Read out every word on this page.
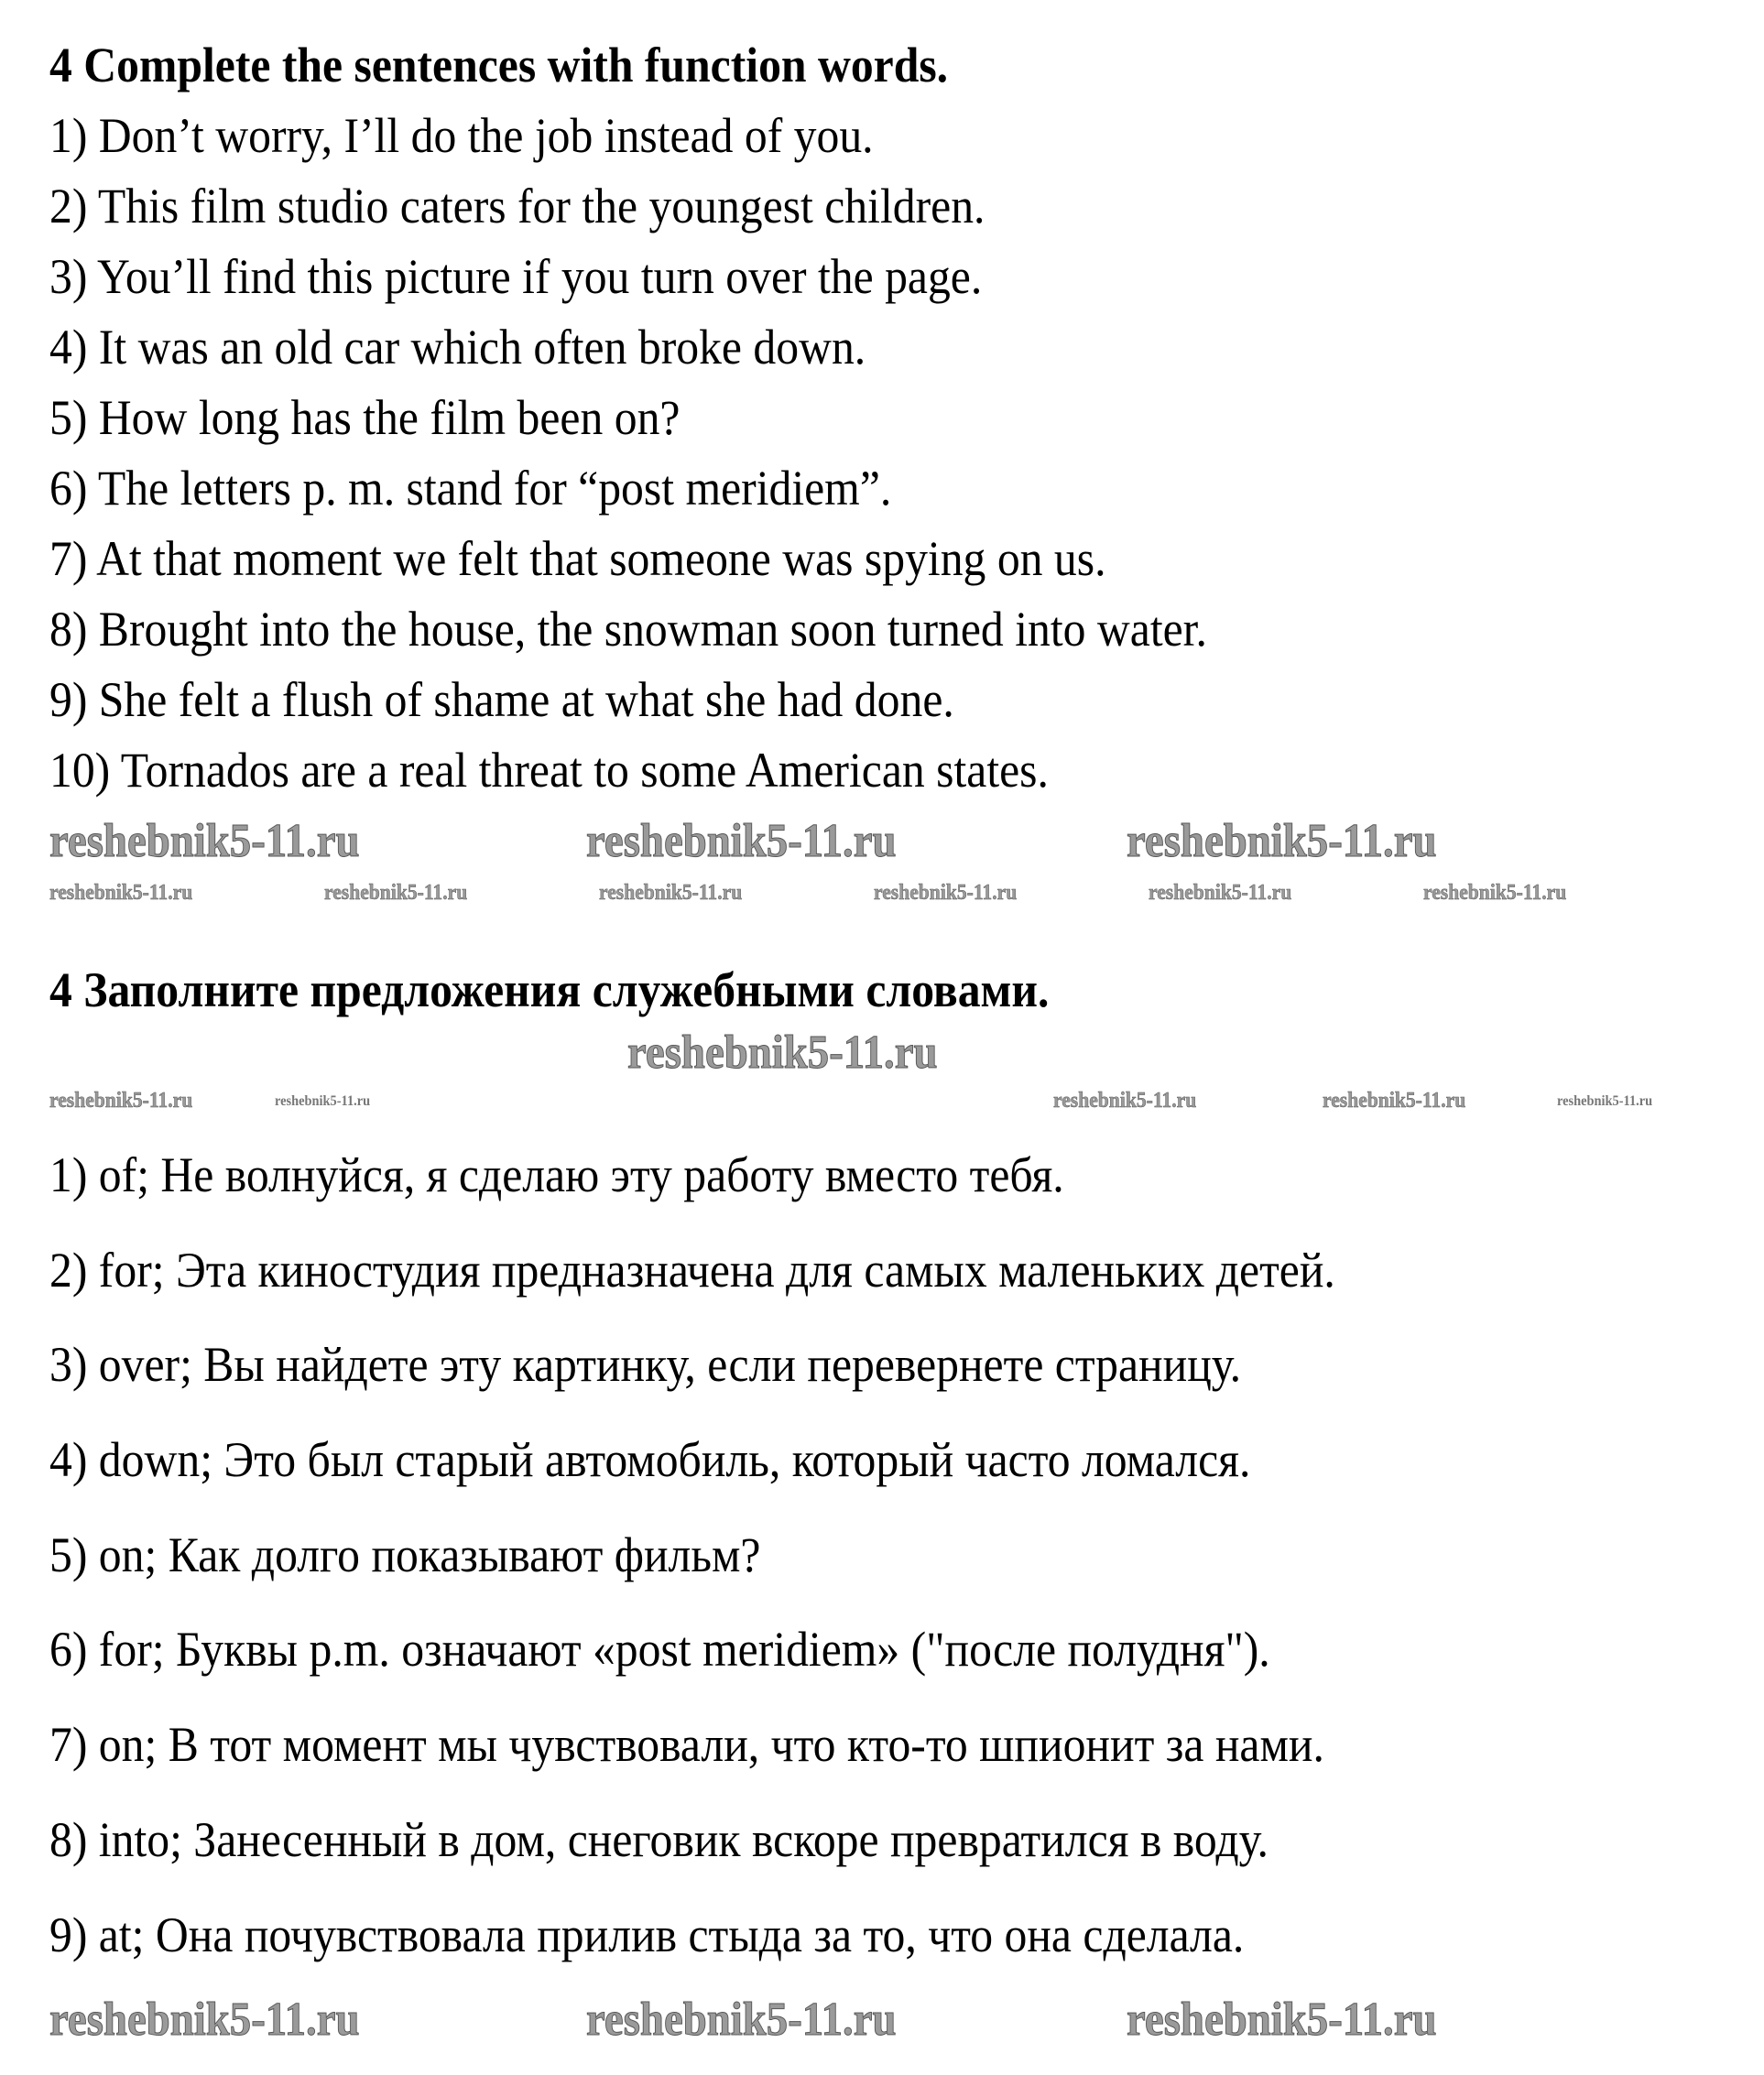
4 Complete the sentences with function words.
1) Don’t worry, I’ll do the job instead of you.
2) This film studio caters for the youngest children.
3) You’ll find this picture if you turn over the page.
4) It was an old car which often broke down.
5) How long has the film been on?
6) The letters p. m. stand for “post meridiem”.
7) At that moment we felt that someone was spying on us.
8) Brought into the house, the snowman soon turned into water.
9) She felt a flush of shame at what she had done.
10) Tornados are a real threat to some American states.
4 Заполните предложения служебными словами.
1) of; Не волнуйся, я сделаю эту работу вместо тебя.
2) for; Эта киностудия предназначена для самых маленьких детей.
3) over; Вы найдете эту картинку, если перевернете страницу.
4) down; Это был старый автомобиль, который часто ломался.
5) on; Как долго показывают фильм?
6) for; Буквы p.m. означают «post meridiem» ("после полудня").
7) on; В тот момент мы чувствовали, что кто-то шпионит за нами.
8) into; Занесенный в дом, снеговик вскоре превратился в воду.
9) at; Она почувствовала прилив стыда за то, что она сделала.
reshebnik5-11.ru	reshebnik5-11.ru	reshebnik5-11.ru
reshebnik5-11.ru	reshebnik5-11.ru	reshebnik5-11.ru	reshebnik5-11.ru	reshebnik5-11.ru	reshebnik5-11.ru
reshebnik5-11.ru
reshebnik5-11.ru	reshebnik5-11.ru	reshebnik5-11.ru
reshebnik5-11.ru	reshebnik5-11.ru
reshebnik5-11.ru	reshebnik5-11.ru	reshebnik5-11.ru
